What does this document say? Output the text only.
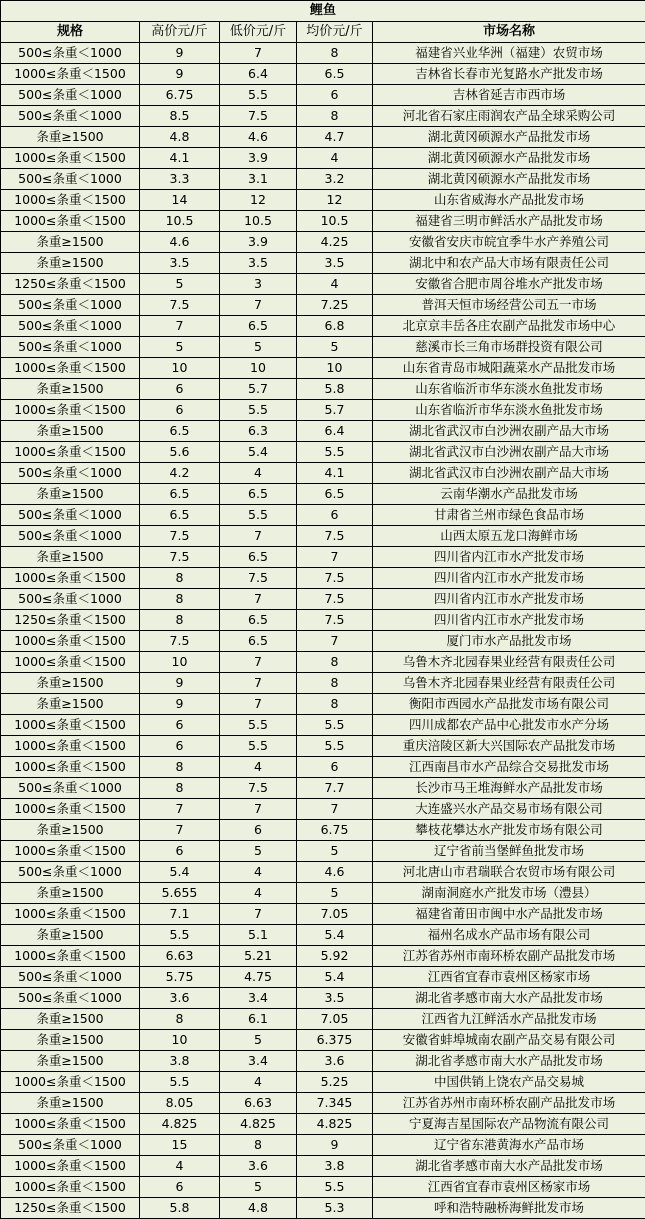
鲤鱼				
规格	高价元/斤	低价元/斤	均价元/斤	市场名称
500≤条重＜1000	9	7	8	福建省兴业华洲（福建）农贸市场
1000≤条重＜1500	9	6.4	6.5	吉林省长春市光复路水产批发市场
500≤条重＜1000	6.75	5.5	6	吉林省延吉市西市场
500≤条重＜1000	8.5	7.5	8	河北省石家庄雨润农产品全球采购公司
条重≥1500	4.8	4.6	4.7	湖北黄冈硕源水产品批发市场
1000≤条重＜1500	4.1	3.9	4	湖北黄冈硕源水产品批发市场
500≤条重＜1000	3.3	3.1	3.2	湖北黄冈硕源水产品批发市场
1000≤条重＜1500	14	12	12	山东省威海水产品批发市场
1000≤条重＜1500	10.5	10.5	10.5	福建省三明市鲜活水产品批发市场
条重≥1500	4.6	3.9	4.25	安徽省安庆市皖宜季牛水产养殖公司
条重≥1500	3.5	3.5	3.5	湖北中和农产品大市场有限责任公司
1250≤条重＜1500	5	3	4	安徽省合肥市周谷堆水产批发市场
500≤条重＜1000	7.5	7	7.25	普洱天恒市场经营公司五一市场
500≤条重＜1000	7	6.5	6.8	北京京丰岳各庄农副产品批发市场中心
500≤条重＜1000	5	5	5	慈溪市长三角市场群投资有限公司
1000≤条重＜1500	10	10	10	山东省青岛市城阳蔬菜水产品批发市场
条重≥1500	6	5.7	5.8	山东省临沂市华东淡水鱼批发市场
1000≤条重＜1500	6	5.5	5.7	山东省临沂市华东淡水鱼批发市场
条重≥1500	6.5	6.3	6.4	湖北省武汉市白沙洲农副产品大市场
1000≤条重＜1500	5.6	5.4	5.5	湖北省武汉市白沙洲农副产品大市场
500≤条重＜1000	4.2	4	4.1	湖北省武汉市白沙洲农副产品大市场
条重≥1500	6.5	6.5	6.5	云南华潮水产品批发市场
500≤条重＜1000	6.5	5.5	6	甘肃省兰州市绿色食品市场
500≤条重＜1000	7.5	7	7.5	山西太原五龙口海鲜市场
条重≥1500	7.5	6.5	7	四川省内江市水产批发市场
1000≤条重＜1500	8	7.5	7.5	四川省内江市水产批发市场
500≤条重＜1000	8	7	7.5	四川省内江市水产批发市场
1250≤条重＜1500	8	6.5	7.5	四川省内江市水产批发市场
1000≤条重＜1500	7.5	6.5	7	厦门市水产品批发市场
1000≤条重＜1500	10	7	8	乌鲁木齐北园春果业经营有限责任公司
条重≥1500	9	7	8	乌鲁木齐北园春果业经营有限责任公司
条重≥1500	9	7	8	衡阳市西园水产品批发市场有限公司
1000≤条重＜1500	6	5.5	5.5	四川成都农产品中心批发市水产分场
1000≤条重＜1500	6	5.5	5.5	重庆涪陵区新大兴国际农产品批发市场
1000≤条重＜1500	8	4	6	江西南昌市水产品综合交易批发市场
500≤条重＜1000	8	7.5	7.7	长沙市马王堆海鲜水产品批发市场
1000≤条重＜1500	7	7	7	大连盛兴水产品交易市场有限公司
条重≥1500	7	6	6.75	攀枝花攀达水产批发市场有限公司
1000≤条重＜1500	6	5	5	辽宁省前当堡鲜鱼批发市场
500≤条重＜1000	5.4	4	4.6	河北唐山市君瑞联合农贸市场有限公司
条重≥1500	5.655	4	5	湖南洞庭水产批发市场（澧县）
1000≤条重＜1500	7.1	7	7.05	福建省莆田市闽中水产品批发市场
条重≥1500	5.5	5.1	5.4	福州名成水产品市场有限公司
1000≤条重＜1500	6.63	5.21	5.92	江苏省苏州市南环桥农副产品批发市场
500≤条重＜1000	5.75	4.75	5.4	江西省宜春市袁州区杨家市场
500≤条重＜1000	3.6	3.4	3.5	湖北省孝感市南大水产品批发市场
条重≥1500	8	6.1	7.05	江西省九江鲜活水产品批发市场
条重≥1500	10	5	6.375	安徽省蚌埠城南农副产品交易有限公司
条重≥1500	3.8	3.4	3.6	湖北省孝感市南大水产品批发市场
1000≤条重＜1500	5.5	4	5.25	中国供销上饶农产品交易城
条重≥1500	8.05	6.63	7.345	江苏省苏州市南环桥农副产品批发市场
1000≤条重＜1500	4.825	4.825	4.825	宁夏海吉星国际农产品物流有限公司
500≤条重＜1000	15	8	9	辽宁省东港黄海水产品市场
1000≤条重＜1500	4	3.6	3.8	湖北省孝感市南大水产品批发市场
1000≤条重＜1500	6	5	5.5	江西省宜春市袁州区杨家市场
1250≤条重＜1500	5.8	4.8	5.3	呼和浩特融桥海鲜批发市场
